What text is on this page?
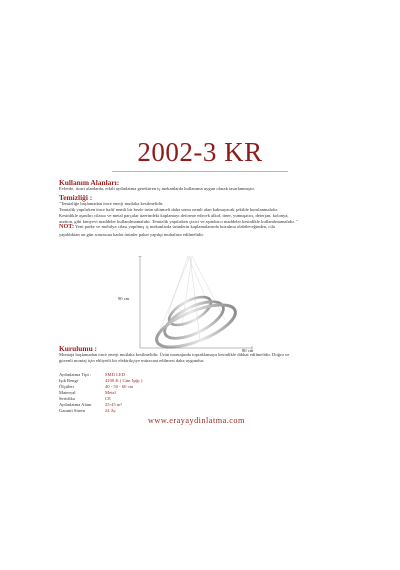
2002-3 KR
Kullanım Alanları:
Evlerde, ticari alanlarda, etkili aydınlatma gerektiren iç mekanlarda kullanıma uygun olarak tasarlanmıştır.
Temizliği :
"Temizliğe başlamadan önce enerji mutlaka kesilmelidir.
Temizlik yapılırken önce hafif nemli bir bezle ürün silinmeli daha sonra nemli alan kalmayacak şekilde kurulanmalıdır.
Kesinlikle aşındırı cilasıo ve metal parçalar üzerindeki kaplamayı deforme edecek alkol, tiner, yumuşatıcı, deterjan, kolonya,
asetton, gibi kimyevi maddeler kullanılmamalıdır. Temizlik yapılırken çizici ve aşındırıcı maddeler kesinlikle kullanılmamalıdır. "
NOT: Yeni parke ve mobilya cilası yapılmış iç mekanlarda ürünlerin kaplamalarında bozulma olabileceğinden, cila
yapıldıktan on gün sonrasına kadar ürünler paket yapılıp muhafaza edilmelidir.
90 cm
80 cm
Kurulumu :
Montaja başlamadan önce enerji mutlaka kesilmelidir. Ürün montajında topraklamaya kesinlikle dikkat edilmelidir. Doğru ve
güvenli montaj için ehliyetli bir elektrikçiye müracaat edilmesi daha uygundur.
Aydınlatma Tipi :	SMD LED
Işık Rengi	4200 K ( Gün Işığı )
Ölçüleri	40 - 50 - 60 cm
Materyal	Metal
Sertifika	CE
Aydınlatma Alanı	25-45 m²
Garanti Süresi	24 Ay
www.erayaydinlatma.com
